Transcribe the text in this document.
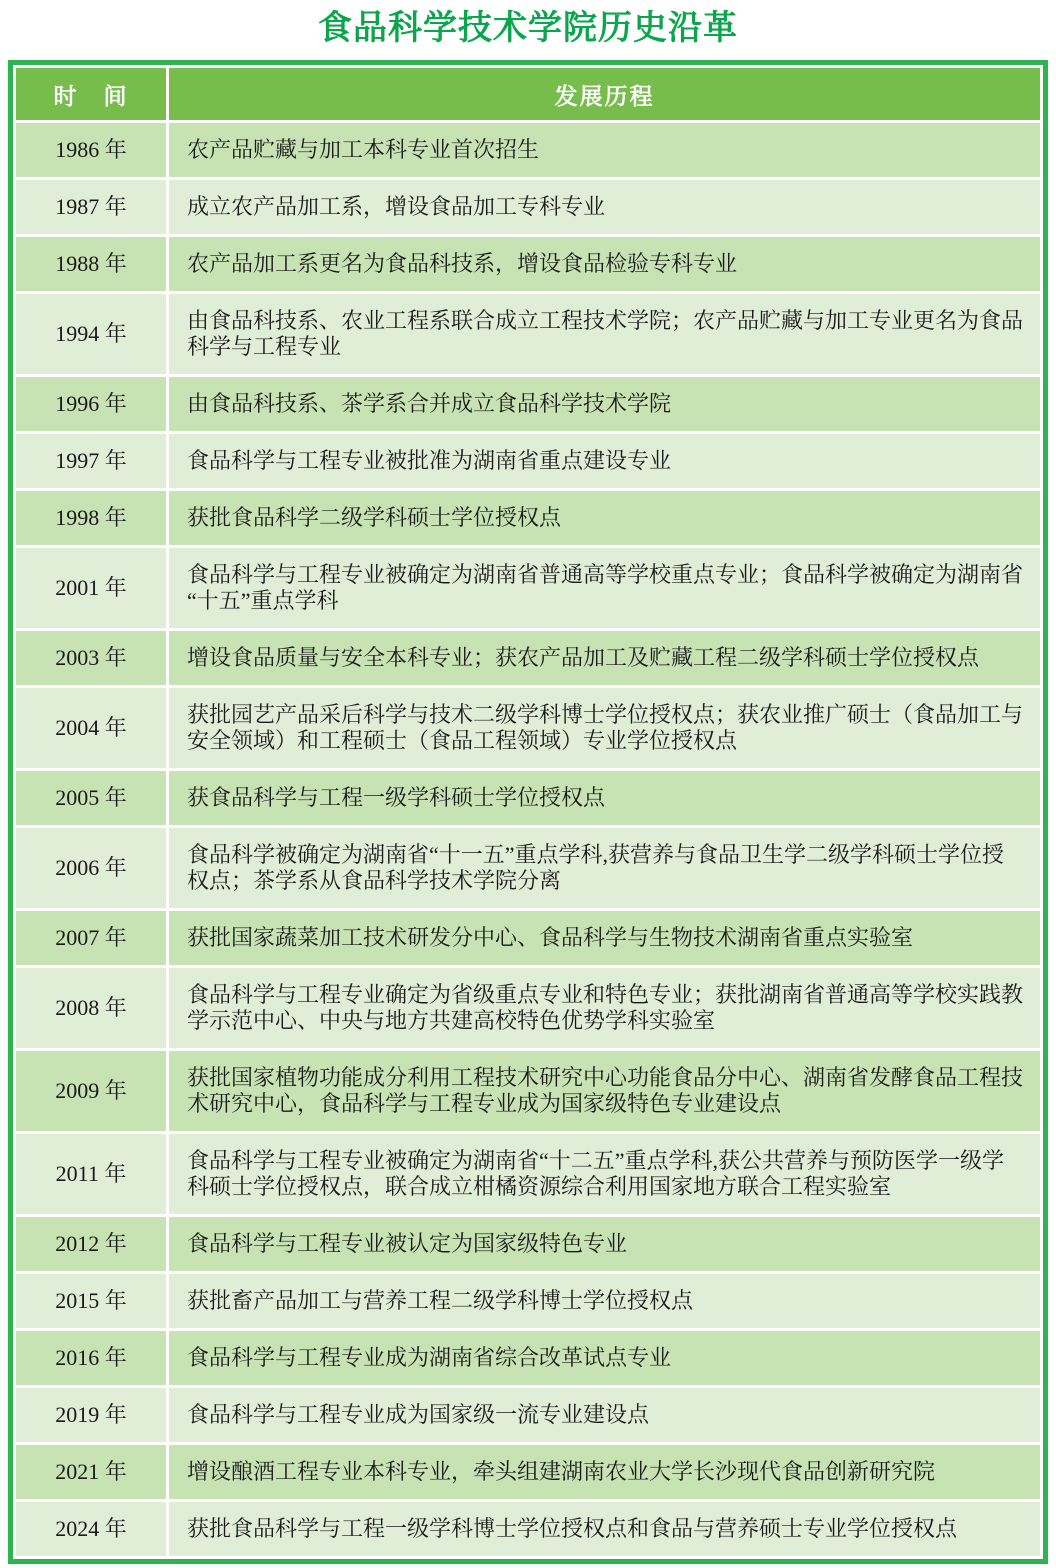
食品科学技术学院历史沿革
时　间	发展历程
1986 年	农产品贮藏与加工本科专业首次招生
1987 年	成立农产品加工系，增设食品加工专科专业
1988 年	农产品加工系更名为食品科技系，增设食品检验专科专业
1994 年	由食品科技系、农业工程系联合成立工程技术学院；农产品贮藏与加工专业更名为食品科学与工程专业
1996 年	由食品科技系、茶学系合并成立食品科学技术学院
1997 年	食品科学与工程专业被批准为湖南省重点建设专业
1998 年	获批食品科学二级学科硕士学位授权点
2001 年	食品科学与工程专业被确定为湖南省普通高等学校重点专业；食品科学被确定为湖南省“十五”重点学科
2003 年	增设食品质量与安全本科专业；获农产品加工及贮藏工程二级学科硕士学位授权点
2004 年	获批园艺产品采后科学与技术二级学科博士学位授权点；获农业推广硕士（食品加工与安全领域）和工程硕士（食品工程领域）专业学位授权点
2005 年	获食品科学与工程一级学科硕士学位授权点
2006 年	食品科学被确定为湖南省“十一五”重点学科,获营养与食品卫生学二级学科硕士学位授权点；茶学系从食品科学技术学院分离
2007 年	获批国家蔬菜加工技术研发分中心、食品科学与生物技术湖南省重点实验室
2008 年	食品科学与工程专业确定为省级重点专业和特色专业；获批湖南省普通高等学校实践教学示范中心、中央与地方共建高校特色优势学科实验室
2009 年	获批国家植物功能成分利用工程技术研究中心功能食品分中心、湖南省发酵食品工程技术研究中心，食品科学与工程专业成为国家级特色专业建设点
2011 年	食品科学与工程专业被确定为湖南省“十二五”重点学科,获公共营养与预防医学一级学科硕士学位授权点，联合成立柑橘资源综合利用国家地方联合工程实验室
2012 年	食品科学与工程专业被认定为国家级特色专业
2015 年	获批畜产品加工与营养工程二级学科博士学位授权点
2016 年	食品科学与工程专业成为湖南省综合改革试点专业
2019 年	食品科学与工程专业成为国家级一流专业建设点
2021 年	增设酿酒工程专业本科专业，牵头组建湖南农业大学长沙现代食品创新研究院
2024 年	获批食品科学与工程一级学科博士学位授权点和食品与营养硕士专业学位授权点
